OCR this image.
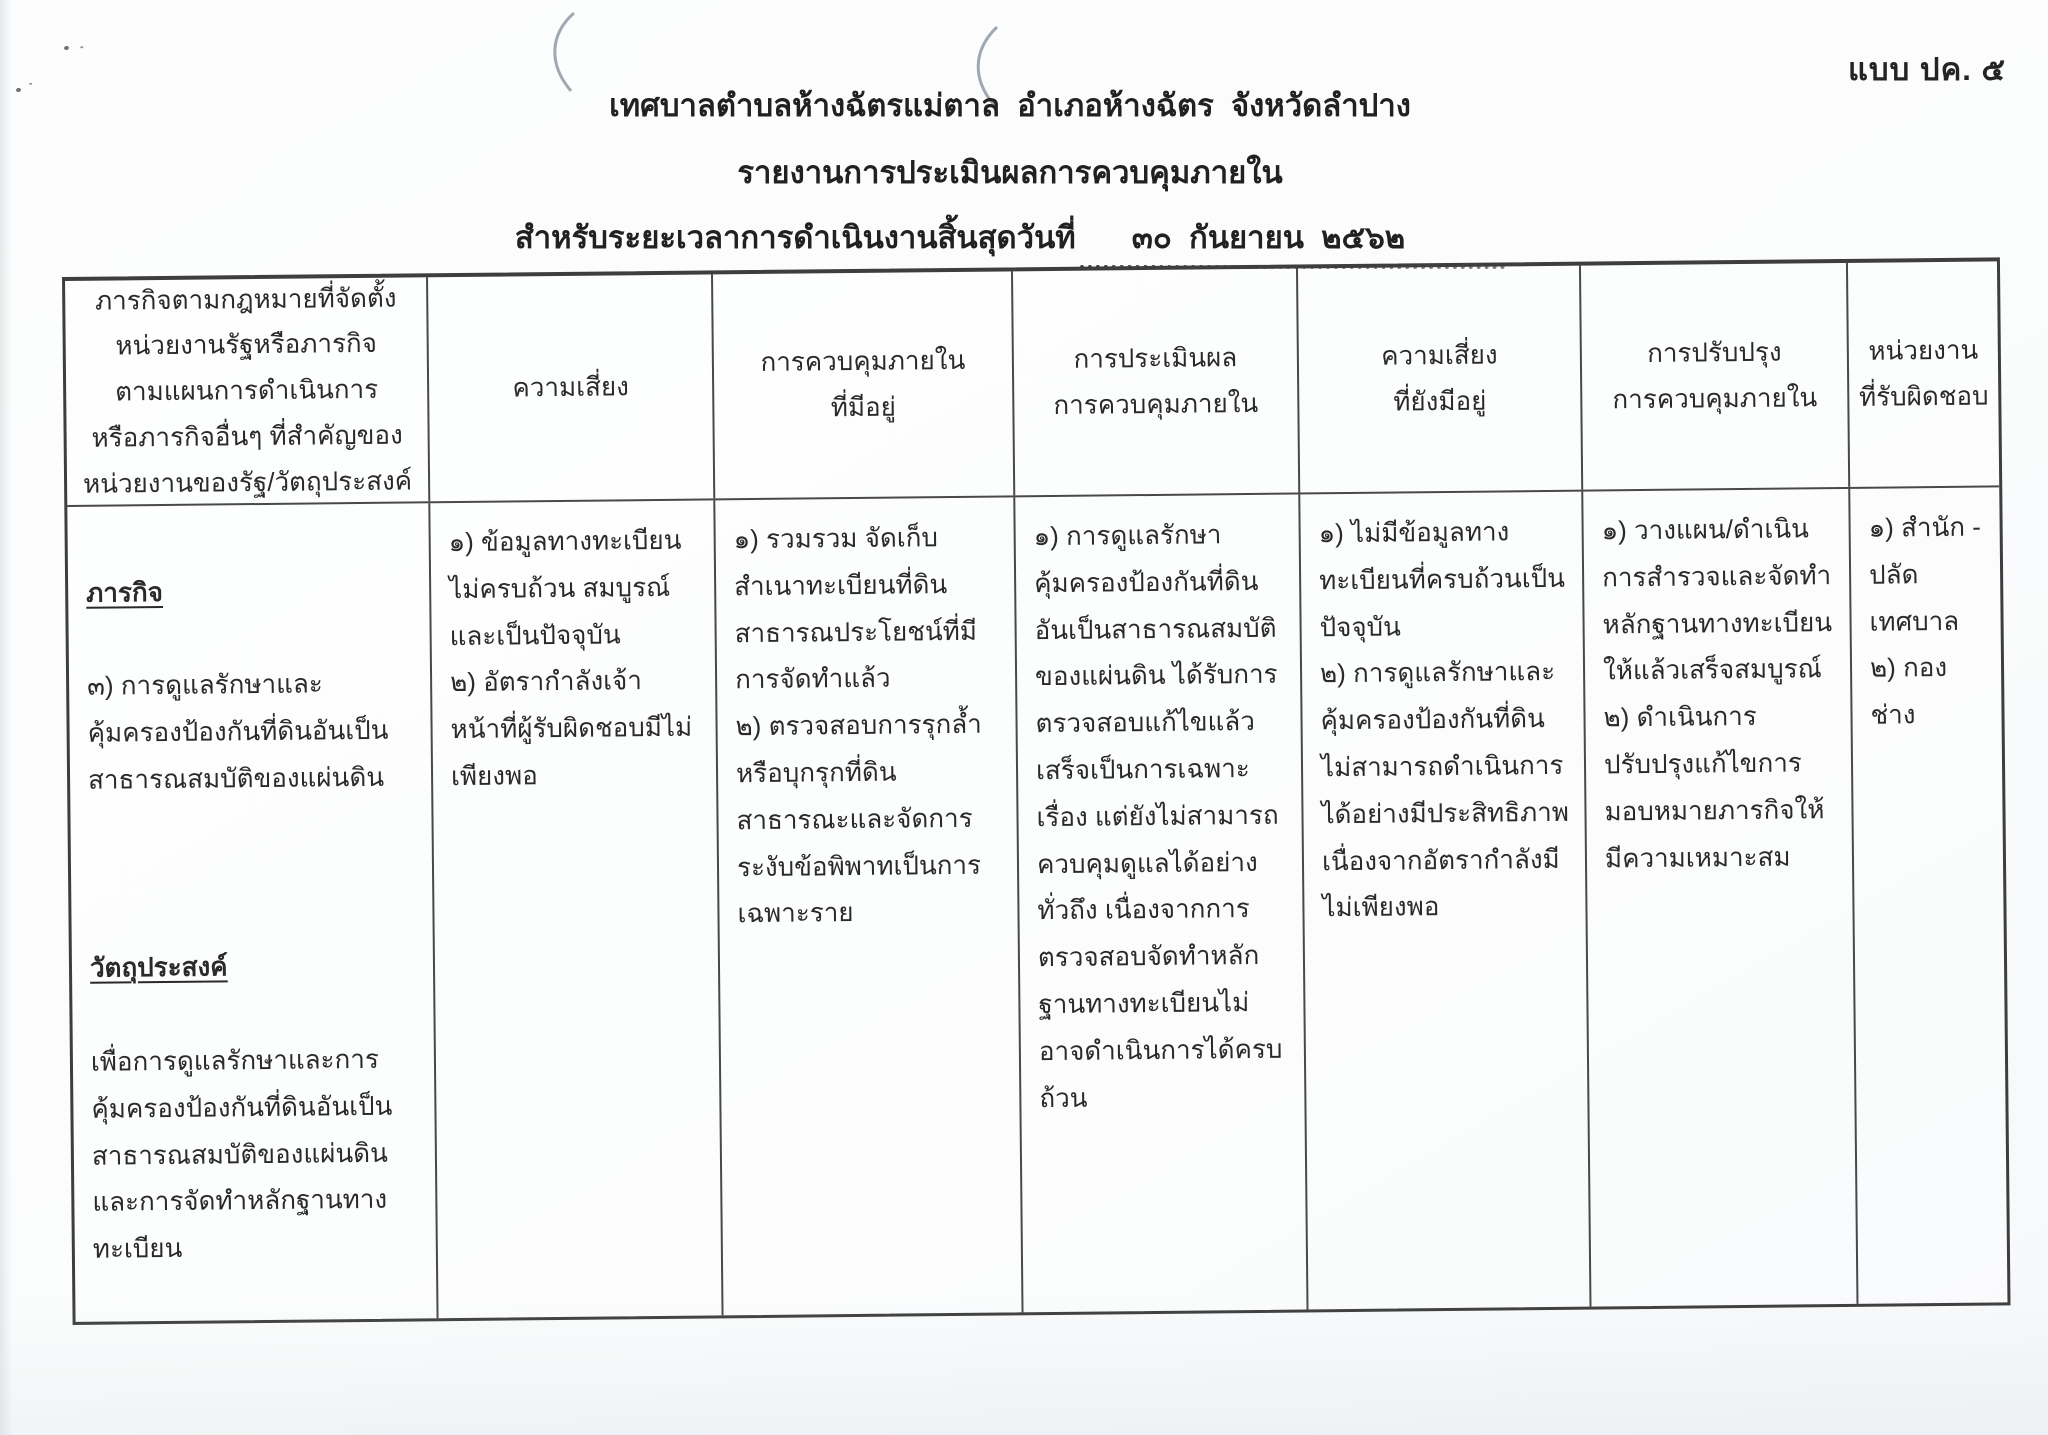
แบบ ปค. ๕
เทศบาลตำบลห้างฉัตรแม่ตาล  อำเภอห้างฉัตร  จังหวัดลำปาง
รายงานการประเมินผลการควบคุมภายใน
สำหรับระยะเวลาการดำเนินงานสิ้นสุดวันที่ ๓๐  กันยายน  ๒๕๖๒
ภารกิจตามกฎหมายที่จัดตั้ง
หน่วยงานรัฐหรือภารกิจ
ตามแผนการดำเนินการ
หรือภารกิจอื่นๆ ที่สำคัญของ
หน่วยงานของรัฐ/วัตถุประสงค์
ความเสี่ยง
การควบคุมภายใน
ที่มีอยู่
การประเมินผล
การควบคุมภายใน
ความเสี่ยง
ที่ยังมีอยู่
การปรับปรุง
การควบคุมภายใน
หน่วยงาน
ที่รับผิดชอบ

ภารกิจ

๓) การดูแลรักษาและคุ้มครองป้องกันที่ดินอันเป็นสาธารณสมบัติของแผ่นดิน

วัตถุประสงค์

เพื่อการดูแลรักษาและการคุ้มครองป้องกันที่ดินอันเป็นสาธารณสมบัติของแผ่นดินและการจัดทำหลักฐานทางทะเบียน

๑) ข้อมูลทางทะเบียนไม่ครบถ้วน สมบูรณ์และเป็นปัจจุบัน
๒) อัตรากำลังเจ้าหน้าที่ผู้รับผิดชอบมีไม่เพียงพอ
๑) รวมรวม จัดเก็บสำเนาทะเบียนที่ดินสาธารณประโยชน์ที่มีการจัดทำแล้ว
๒) ตรวจสอบการรุกล้ำหรือบุกรุกที่ดินสาธารณะและจัดการระงับข้อพิพาทเป็นการเฉพาะราย
๑) การดูแลรักษาคุ้มครองป้องกันที่ดินอันเป็นสาธารณสมบัติของแผ่นดิน ได้รับการตรวจสอบแก้ไขแล้วเสร็จเป็นการเฉพาะเรื่อง แต่ยังไม่สามารถควบคุมดูแลได้อย่างทั่วถึง เนื่องจากการตรวจสอบจัดทำหลักฐานทางทะเบียนไม่อาจดำเนินการได้ครบถ้วน
๑) ไม่มีข้อมูลทางทะเบียนที่ครบถ้วนเป็นปัจจุบัน
๒) การดูแลรักษาและคุ้มครองป้องกันที่ดินไม่สามารถดำเนินการได้อย่างมีประสิทธิภาพ เนื่องจากอัตรากำลังมีไม่เพียงพอ
๑) วางแผน/ดำเนินการสำรวจและจัดทำหลักฐานทางทะเบียนให้แล้วเสร็จสมบูรณ์
๒) ดำเนินการปรับปรุงแก้ไขการมอบหมายภารกิจให้มีความเหมาะสม
๑) สำนัก -
ปลัดเทศบาล
๒) กองช่าง
